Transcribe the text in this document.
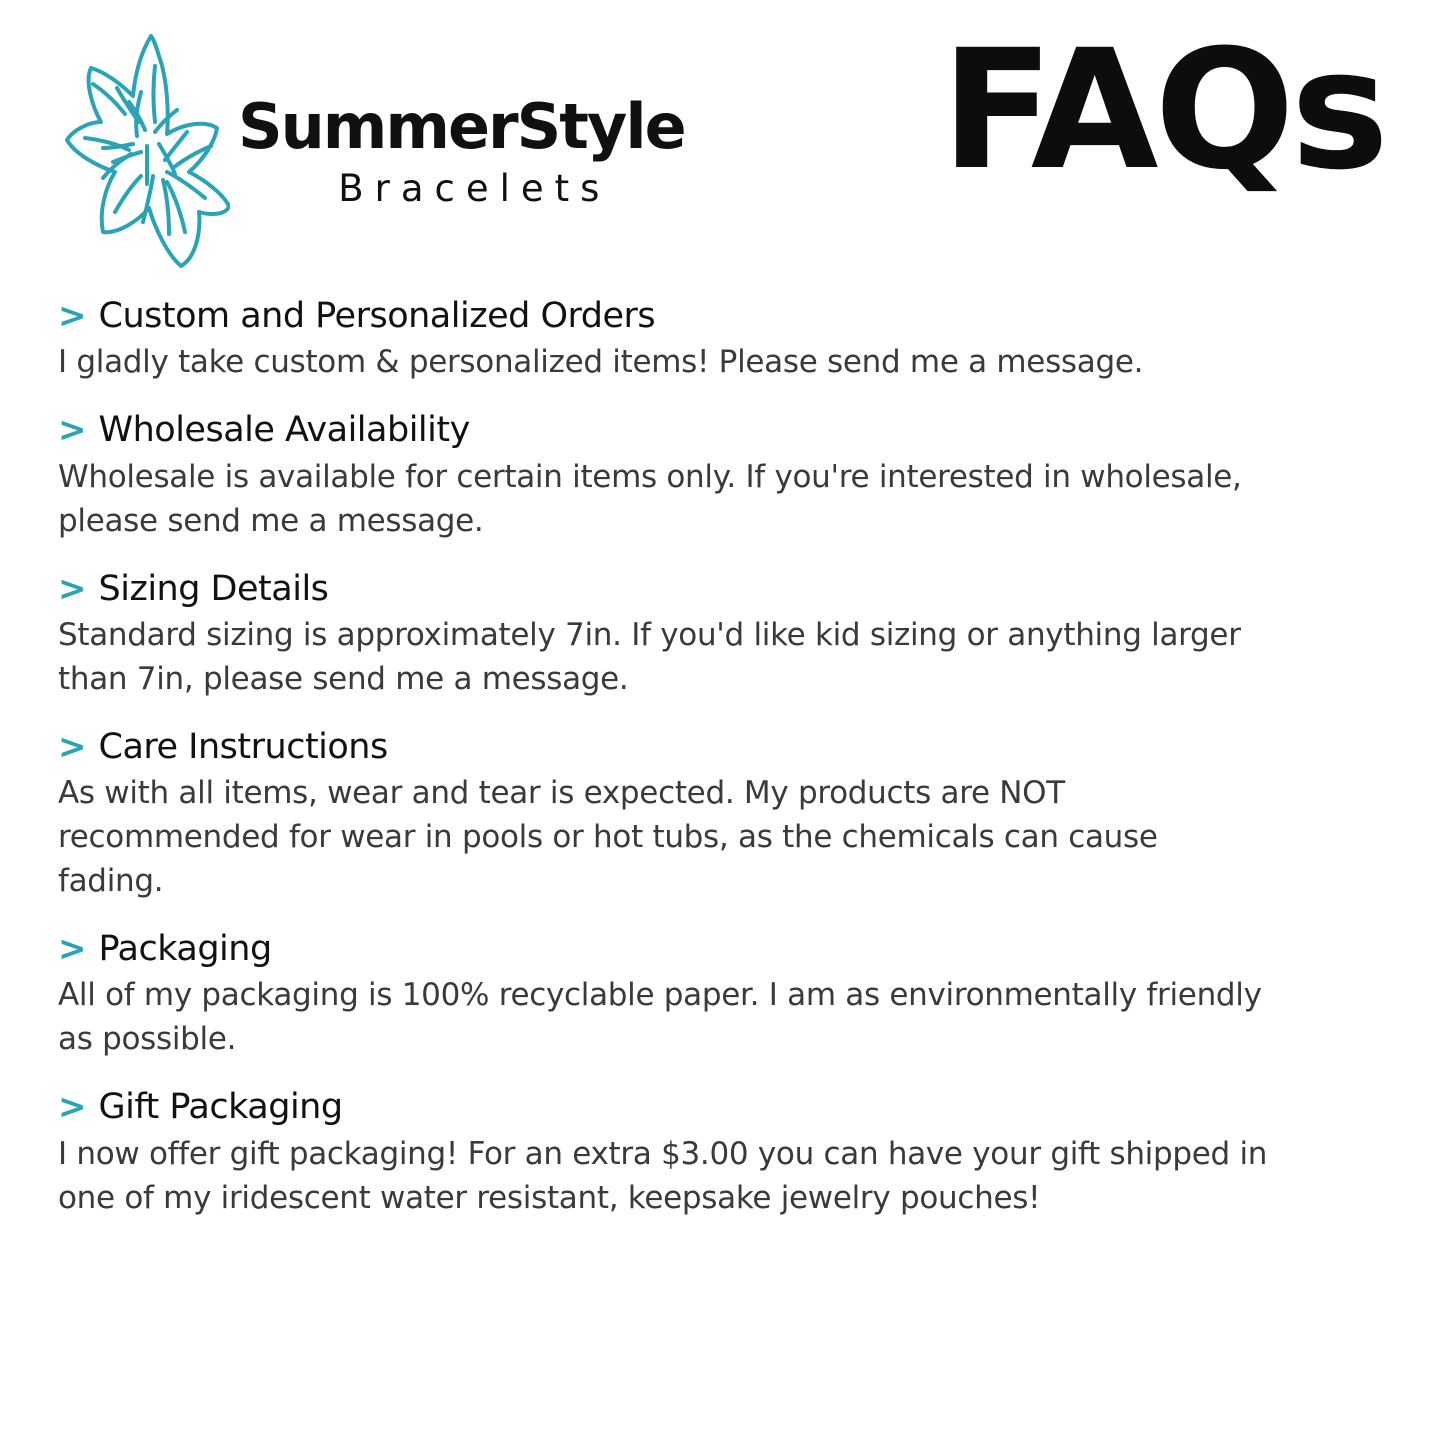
SummerStyle
Bracelets	FAQs
> Custom and Personalized Orders
I gladly take custom & personalized items! Please send me a message.
> Wholesale Availability
Wholesale is available for certain items only. If you're interested in wholesale, please send me a message.
> Sizing Details
Standard sizing is approximately 7in. If you'd like kid sizing or anything larger than 7in, please send me a message.
> Care Instructions
As with all items, wear and tear is expected. My products are NOT recommended for wear in pools or hot tubs, as the chemicals can cause fading.
> Packaging
All of my packaging is 100% recyclable paper. I am as environmentally friendly as possible.
> Gift Packaging
I now offer gift packaging! For an extra $3.00 you can have your gift shipped in one of my iridescent water resistant, keepsake jewelry pouches!
